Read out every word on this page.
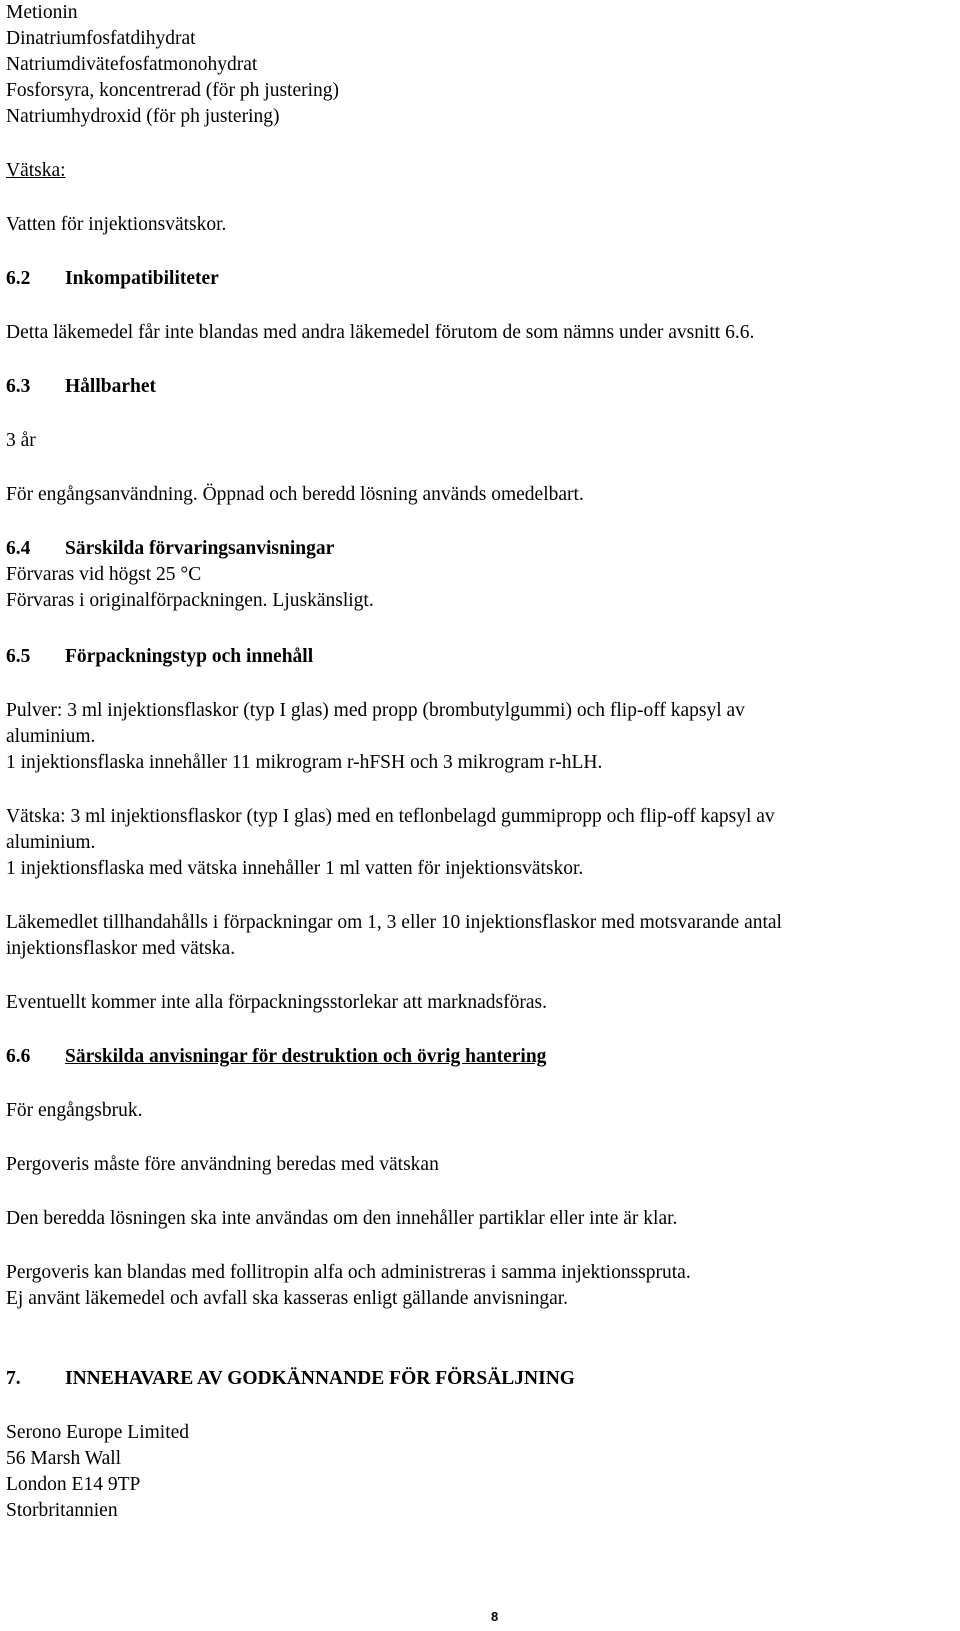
Metionin
Dinatriumfosfatdihydrat
Natriumdivätefosfatmonohydrat
Fosforsyra, koncentrerad (för ph justering)
Natriumhydroxid (för ph justering)
Vätska:
Vatten för injektionsvätskor.
6.2 Inkompatibiliteter
Detta läkemedel får inte blandas med andra läkemedel förutom de som nämns under avsnitt 6.6.
6.3 Hållbarhet
3 år
För engångsanvändning. Öppnad och beredd lösning används omedelbart.
6.4 Särskilda förvaringsanvisningar
Förvaras vid högst 25 °C
Förvaras i originalförpackningen. Ljuskänsligt.
6.5 Förpackningstyp och innehåll
Pulver: 3 ml injektionsflaskor (typ I glas) med propp (brombutylgummi) och flip-off kapsyl av
aluminium.
1 injektionsflaska innehåller 11 mikrogram r-hFSH och 3 mikrogram r-hLH.
Vätska: 3 ml injektionsflaskor (typ I glas) med en teflonbelagd gummipropp och flip-off kapsyl av
aluminium.
1 injektionsflaska med vätska innehåller 1 ml vatten för injektionsvätskor.
Läkemedlet tillhandahålls i förpackningar om 1, 3 eller 10 injektionsflaskor med motsvarande antal
injektionsflaskor med vätska.
Eventuellt kommer inte alla förpackningsstorlekar att marknadsföras.
6.6 Särskilda anvisningar för destruktion och övrig hantering
För engångsbruk.
Pergoveris måste före användning beredas med vätskan
Den beredda lösningen ska inte användas om den innehåller partiklar eller inte är klar.
Pergoveris kan blandas med follitropin alfa och administreras i samma injektionsspruta.
Ej använt läkemedel och avfall ska kasseras enligt gällande anvisningar.
7. INNEHAVARE AV GODKÄNNANDE FÖR FÖRSÄLJNING
Serono Europe Limited
56 Marsh Wall
London E14 9TP
Storbritannien
8
